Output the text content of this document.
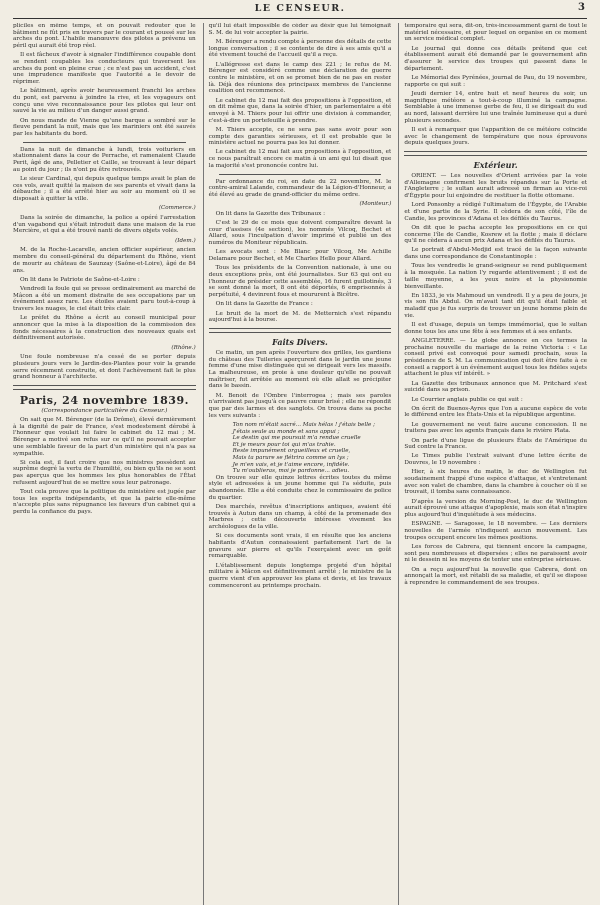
LE CENSEUR.	3

pliciles en même temps, et on pouvait redouter que le bâtiment ne fût pris en travers par le courant et poussé sur les arches du pont. L'habile manœuvre des pilotes a prévenu un péril qui aurait été trop réel.

Il est fâcheux d'avoir à signaler l'indifférence coupable dont se rendent coupables les conducteurs qui traversent les arches du pont en pleine crue ; ce n'est pas un accident, c'est une imprudence manifeste que l'autorité a le devoir de réprimer.

Le bâtiment, après avoir heureusement franchi les arches du pont, est parvenu à joindre la rive, et les voyageurs ont conçu une vive reconnaissance pour les pilotes qui leur ont sauvé la vie au milieu d'un danger aussi grand.

On nous mande de Vienne qu'une barque a sombré sur le fleuve pendant la nuit, mais que les mariniers ont été sauvés par les habitants du bord.

Dans la nuit de dimanche à lundi, trois voituriers en stationnaient dans la cour de Perrache, et ramenaient Claude Perit, âgé de ans, Pelletier et Caille, se trouvant à leur départ au point du jour ; ils n'ont pu être retrouvés.

Le sieur Cardinal, qui depuis quelque temps avait le plan de ces vols, avait quitté la maison de ses parents et vivait dans la débauche ; il a été arrêté hier au soir au moment où il se disposait à quitter la ville.

(Commerce.)

Dans la soirée de dimanche, la police a opéré l'arrestation d'un vagabond qui s'était introduit dans une maison de la rue Mercière, et qui a été trouvé nanti de divers objets volés.

(Idem.)

M. de la Roche-Lacarelle, ancien officier supérieur, ancien membre du conseil-général du département du Rhône, vient de mourir au château de Saunzay (Saône-et-Loire), âgé de 84 ans.

On lit dans le Patriote de Saône-et-Loire :

Vendredi la foule qui se presse ordinairement au marché de Mâcon a été un moment distraite de ses occupations par un événement assez rare. Les étoiles avaient paru tout-à-coup à travers les nuages, le ciel était très clair.

Le préfet du Rhône a écrit au conseil municipal pour annoncer que la mise à la disposition de la commission des fonds nécessaires à la construction des nouveaux quais est définitivement autorisée.

(Rhône.)

Une foule nombreuse n'a cessé de se porter depuis plusieurs jours vers le Jardin-des-Plantes pour voir la grande serre récemment construite, et dont l'achèvement fait le plus grand honneur à l'architecte.

Paris, 24 novembre 1839.
(Correspondance particulière du Censeur.)

On sait que M. Bérenger (de la Drôme), élevé dernièrement à la dignité de pair de France, s'est modestement dérobé à l'honneur que voulait lui faire le cabinet du 12 mai ; M. Bérenger a motivé son refus sur ce qu'il ne pouvait accepter une semblable faveur de la part d'un ministère qui n'a pas sa sympathie.

Si cela est, il faut croire que nos ministres possèdent au suprême degré la vertu de l'humilité, ou bien qu'ils ne se sont pas aperçus que les hommes les plus honorables de l'État refusent aujourd'hui de se mettre sous leur patronage.

Tout cela prouve que la politique du ministère est jugée par tous les esprits indépendants, et que la pairie elle-même n'accepte plus sans répugnance les faveurs d'un cabinet qui a perdu la confiance du pays.

qu'il lui était impossible de céder au désir que lui témoignait S. M. de lui voir accepter la pairie.

M. Bérenger a rendu compte à personne des détails de cette longue conversation ; il se contente de dire à ses amis qu'il a été vivement touché de l'accueil qu'il a reçu.

L'allégresse est dans le camp des 221 ; le refus de M. Bérenger est considéré comme une déclaration de guerre contre le ministère, et on se promet bien de ne pas en rester là. Déjà des réunions des principaux membres de l'ancienne coalition ont recommencé.

Le cabinet du 12 mai fait des propositions à l'opposition, et on dit même que, dans la soirée d'hier, un parlementaire a été envoyé à M. Thiers pour lui offrir une division à commander, c'est-à-dire un portefeuille à prendre.

M. Thiers accepte, ce ne sera pas sans avoir pour son compte des garanties sérieuses, et il est probable que le ministère actuel ne pourra pas les lui donner.

Le cabinet du 12 mai fait aux propositions à l'opposition, et ce nous paraîtrait encore ce matin à un ami qui lui disait que la majorité s'est prononcée contre lui.

Par ordonnance du roi, en date du 22 novembre, M. le contre-amiral Lalande, commandeur de la Légion-d'Honneur, a été élevé au grade de grand-officier du même ordre.

(Moniteur.)

On lit dans la Gazette des Tribunaux :

C'est le 29 de ce mois que doivent comparaître devant la cour d'assises (4e section), les nommés Vilcoq, Bechet et Allard, sous l'inculpation d'avoir imprimé et publié un des numéros du Moniteur républicain.

Les avocats sont : Me Blanc pour Vilcoq, Me Achille Delamare pour Bechet, et Me Charles Hello pour Allard.

Tous les présidents de la Convention nationale, à une ou deux exceptions près, ont été journalistes. Sur 63 qui ont eu l'honneur de présider cette assemblée, 16 furent guillotinés, 3 se sont donné la mort, 8 ont été déportés, 6 emprisonnés à perpétuité, 4 devinrent fous et moururent à Bicêtre.

On lit dans la Gazette de France :

Le bruit de la mort de M. de Metternich s'est répandu aujourd'hui à la bourse.

Faits Divers.

Ce matin, un pen après l'ouverture des grilles, les gardiens du château des Tuileries aperçurent dans le jardin une jeune femme d'une mise distinguée qui se dirigeait vers les massifs. La malheureuse, en proie à une douleur qu'elle ne pouvait maîtriser, fut arrêtée au moment où elle allait se précipiter dans le bassin.

M. Benoit de l'Ombre l'interrogea ; mais ses paroles n'arrivaient pas jusqu'à ce pauvre cœur brisé ; elle ne répondit que par des larmes et des sanglots. On trouva dans sa poche les vers suivants :

Ton nom m'était sacré... Mais hélas ! j'étais belle ;
J'étais seule au monde et sans appui ;
Le destin qui me poursuit m'a rendue cruelle
Et je meurs pour toi qui m'as trahie.
Reste impunément orgueilleux et cruelle,
Mais ta parure se flétrira comme un lys ;
Je m'en vais, et je t'aime encore, infidèle.
Tu m'oublieras, moi je pardonne... adieu.

On trouve sur elle quinze lettres écrites toutes du même style et adressées à un jeune homme qui l'a séduite, puis abandonnée. Elle a été conduite chez le commissaire de police du quartier.

Des marchés, revêtus d'inscriptions antiques, avaient été trouvés à Autun dans un champ, à côté de la promenade des Marbres ; cette découverte intéresse vivement les archéologues de la ville.

Si ces documents sont vrais, il en résulte que les anciens habitants d'Autun connaissaient parfaitement l'art de la gravure sur pierre et qu'ils l'exerçaient avec un goût remarquable.

L'établissement depuis longtemps projeté d'un hôpital militaire à Mâcon est définitivement arrêté ; le ministre de la guerre vient d'en approuver les plans et devis, et les travaux commenceront au printemps prochain.

temporaire qui sera, dit-on, très-incessamment garni de tout le matériel nécessaire, et pour lequel on organise en ce moment un service médical complet.

Le journal qui donne ces détails prétend que cet établissement aurait été demandé par le gouvernement afin d'assurer le service des troupes qui passent dans le département.

Le Mémorial des Pyrénées, journal de Pau, du 19 novembre, rapporte ce qui suit :

Jeudi dernier 14, entre huit et neuf heures du soir, un magnifique météore a tout-à-coup illuminé la campagne. Semblable à une immense gerbe de feu, il se dirigeait du sud au nord, laissant derrière lui une traînée lumineuse qui a duré plusieurs secondes.

Il est à remarquer que l'apparition de ce météore coïncide avec le changement de température que nous éprouvons depuis quelques jours.

Extérieur.

ORIENT. — Les nouvelles d'Orient arrivées par la voie d'Allemagne confirment les bruits répandus sur la Porte et l'Angleterre ; le sultan aurait adressé un firman au vice-roi d'Égypte pour lui enjoindre de restituer la flotte ottomane.

Lord Ponsonby a rédigé l'ultimatum de l'Égypte, de l'Arabie et d'une partie de la Syrie. Il cèdera de son côté, l'île de Candie, les provinces d'Adana et les défilés du Taurus.

On dit que le pacha accepte les propositions en ce qui concerne l'île de Candie, Kosrew et la flotte ; mais il déclare qu'il ne cèdera à aucun prix Adana et les défilés du Taurus.

Le portrait d'Abdul-Medjid est tracé de la façon suivante dans une correspondance de Constantinople :

Tous les vendredis le grand-seigneur se rend publiquement à la mosquée. La nation l'y regarde attentivement ; il est de taille moyenne, a les yeux noirs et la physionomie bienveillante.

En 1833, je vis Mahmoud un vendredi. Il y a peu de jours, je vis son fils Abdul. On m'avait tant dit qu'il était faible et maladif que je fus surpris de trouver un jeune homme plein de vie.

Il est d'usage, depuis un temps immémorial, que le sultan donne tous les ans une fête à ses femmes et à ses enfants.

ANGLETERRE. — Le globe annonce en ces termes la prochaine nouvelle du mariage de la reine Victoria : « Le conseil privé est convoqué pour samedi prochain, sous la présidence de S. M. La communication qui doit être faite à ce conseil a rapport à un événement auquel tous les fidèles sujets attachent le plus vif intérêt. »

La Gazette des tribunaux annonce que M. Pritchard s'est suicidé dans sa prison.

Le Courrier anglais publie ce qui suit :

On écrit de Buenos-Ayres que l'on a aucune espèce de vote le différend entre les États-Unis et la république argentine.

Le gouvernement ne veut faire aucune concession. Il ne traitera pas avec les agents français dans le rivière Plata.

On parle d'une ligue de plusieurs États de l'Amérique du Sud contre la France.

Le Times publie l'extrait suivant d'une lettre écrite de Douvres, le 19 novembre :

Hier, à six heures du matin, le duc de Wellington fut soudainement frappé d'une espèce d'attaque, et s'entretenant avec son valet de chambre, dans la chambre à coucher où il se trouvait, il tomba sans connaissance.

D'après la version du Morning-Post, le duc de Wellington aurait éprouvé une attaque d'apoplexie, mais son état n'inspire plus aujourd'hui d'inquiétude à ses médecins.

ESPAGNE. — Saragosse, le 18 novembre. — Les derniers nouvelles de l'armée n'indiquent aucun mouvement. Les troupes occupent encore les mêmes positions.

Les forces de Cabrera, qui tiennent encore la campagne, sont peu nombreuses et dispersées ; elles ne paraissent avoir ni le dessein ni les moyens de tenter une entreprise sérieuse.

On a reçu aujourd'hui la nouvelle que Cabrera, dont on annonçait la mort, est rétabli de sa maladie, et qu'il se dispose à reprendre le commandement de ses troupes.
